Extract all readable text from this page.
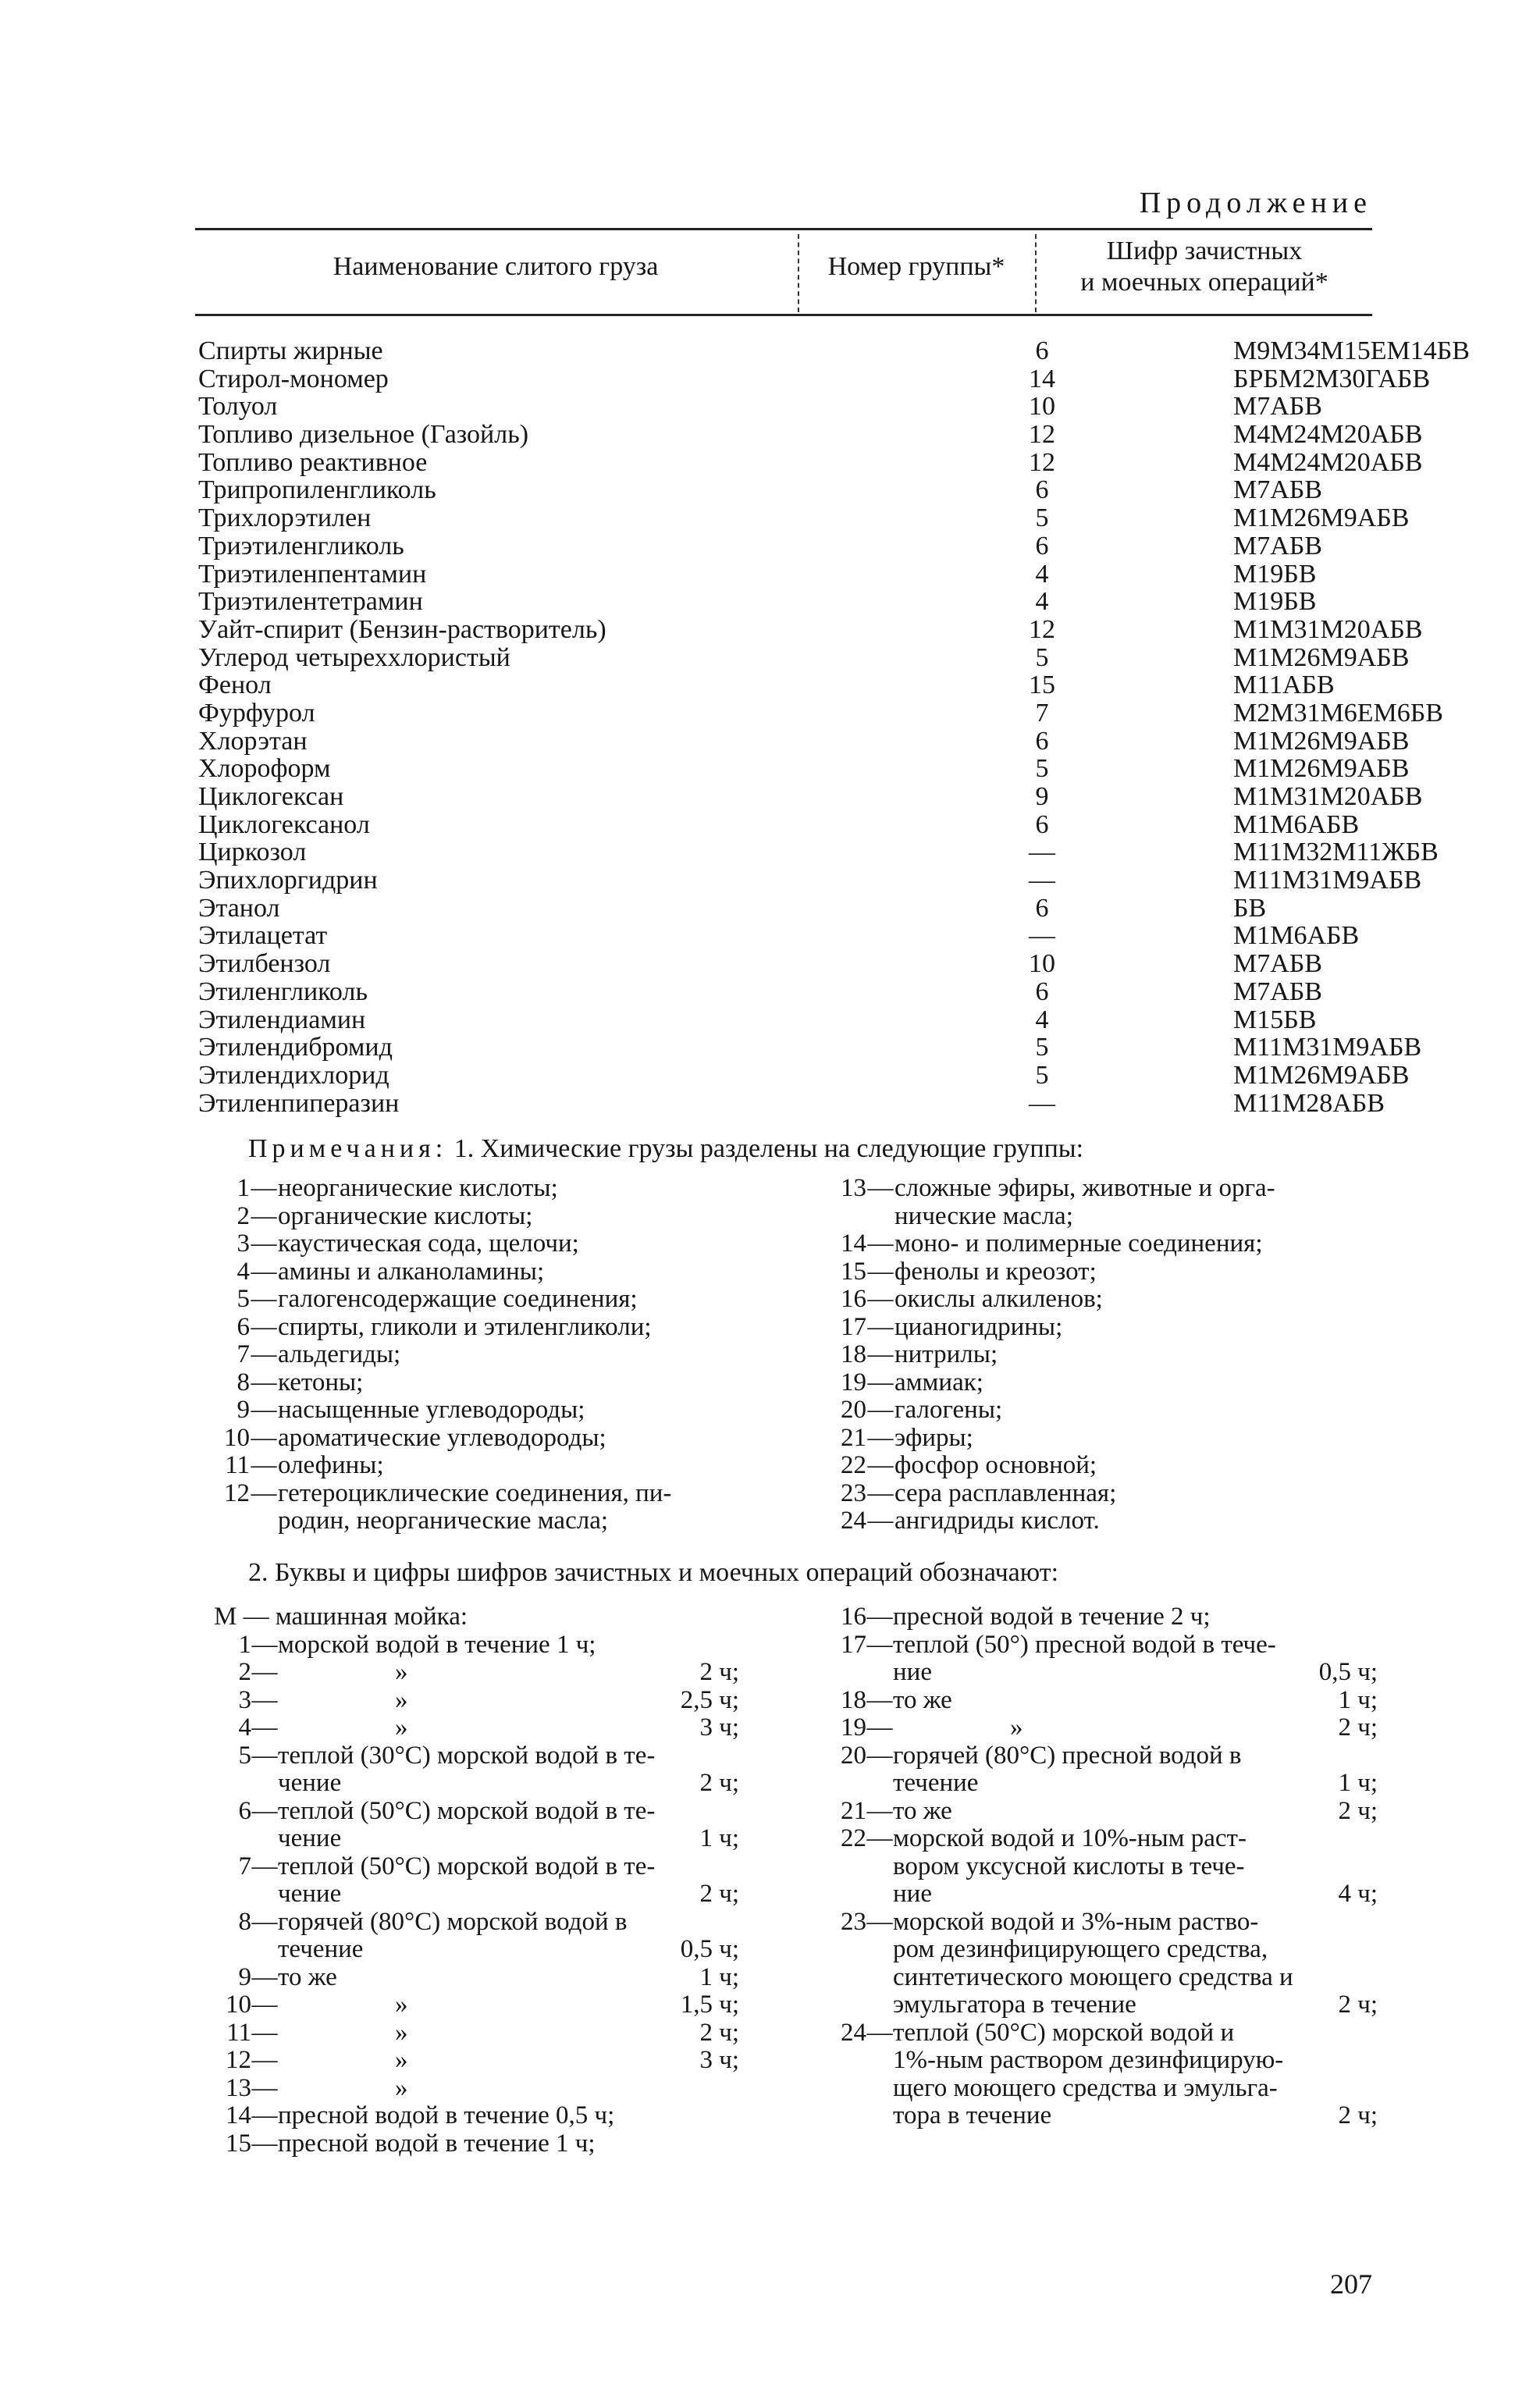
Продолжение
Наименование слитого груза	Номер группы*
Шифр зачистных
и моечных операций*
Спирты жирные	6	М9М34М15ЕМ14БВ
Стирол-мономер	14	БРБМ2М30ГАБВ
Толуол	10	М7АБВ
Топливо дизельное (Газойль)	12	М4М24М20АБВ
Топливо реактивное	12	М4М24М20АБВ
Трипропиленгликоль	6	М7АБВ
Трихлорэтилен	5	М1М26М9АБВ
Триэтиленгликоль	6	М7АБВ
Триэтиленпентамин	4	М19БВ
Триэтилентетрамин	4	М19БВ
Уайт-спирит (Бензин-растворитель)	12	М1М31М20АБВ
Углерод четыреххлористый	5	М1М26М9АБВ
Фенол	15	М11АБВ
Фурфурол	7	М2М31М6ЕМ6БВ
Хлорэтан	6	М1М26М9АБВ
Хлороформ	5	М1М26М9АБВ
Циклогексан	9	М1М31М20АБВ
Циклогексанол	6	М1М6АБВ
Циркозол	—	М11М32М11ЖБВ
Эпихлоргидрин	—	М11М31М9АБВ
Этанол	6	БВ
Этилацетат	—	М1М6АБВ
Этилбензол	10	М7АБВ
Этиленгликоль	6	М7АБВ
Этилендиамин	4	М15БВ
Этилендибромид	5	М11М31М9АБВ
Этилендихлорид	5	М1М26М9АБВ
Этиленпиперазин	—	М11М28АБВ
Примечания: 1. Химические грузы разделены на следующие группы:
1 — неорганические кислоты;
2 — органические кислоты;
3 — каустическая сода, щелочи;
4 — амины и алканоламины;
5 — галогенсодержащие соединения;
6 — спирты, гликоли и этиленгликоли;
7 — альдегиды;
8 — кетоны;
9 — насыщенные углеводороды;
10 — ароматические углеводороды;
11 — олефины;
12 — гетероциклические соединения, пи-
родин, неорганические масла;
13 — сложные эфиры, животные и орга-
нические масла;
14 — моно- и полимерные соединения;
15 — фенолы и креозот;
16 — окислы алкиленов;
17 — цианогидрины;
18 — нитрилы;
19 — аммиак;
20 — галогены;
21 — эфиры;
22 — фосфор основной;
23 — сера расплавленная;
24 — ангидриды кислот.
2. Буквы и цифры шифров зачистных и моечных операций обозначают:
М — машинная мойка:
1 — морской водой в течение 1 ч;
2 —	»	2 ч;
3 —	»	2,5 ч;
4 —	»	3 ч;
5 — теплой (30°С) морской водой в те-
чение	2 ч;
6 — теплой (50°С) морской водой в те-
чение	1 ч;
7 — теплой (50°С) морской водой в те-
чение	2 ч;
8 — горячей (80°С) морской водой в
течение	0,5 ч;
9 — то же	1 ч;
10 —	»	1,5 ч;
11 —	»	2 ч;
12 —	»	3 ч;
13 —	»
14 — пресной водой в течение 0,5 ч;
15 — пресной водой в течение 1 ч;
16 — пресной водой в течение 2 ч;
17 — теплой (50°) пресной водой в тече-
ние	0,5 ч;
18 — то же	1 ч;
19 —	»	2 ч;
20 — горячей (80°С) пресной водой в
течение	1 ч;
21 — то же	2 ч;
22 — морской водой и 10%-ным раст-
вором уксусной кислоты в тече-
ние	4 ч;
23 — морской водой и 3%-ным раство-
ром дезинфицирующего средства,
синтетического моющего средства и
эмульгатора в течение	2 ч;
24 — теплой (50°С) морской водой и
1%-ным раствором дезинфицирую-
щего моющего средства и эмульга-
тора в течение	2 ч;
207
